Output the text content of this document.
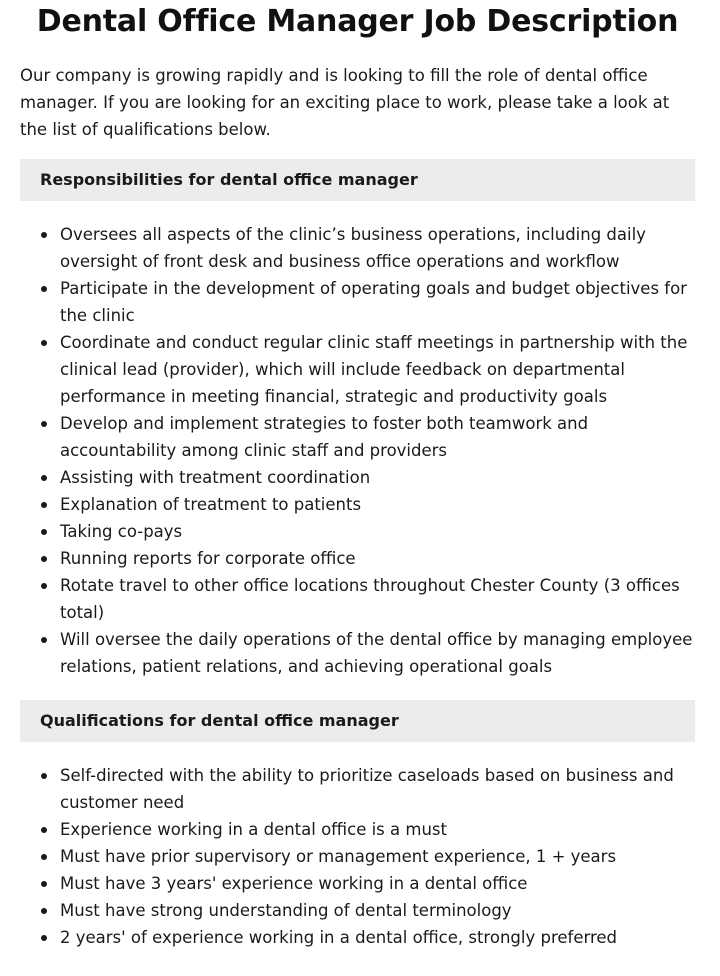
Dental Office Manager Job Description

Our company is growing rapidly and is looking to fill the role of dental office manager. If you are looking for an exciting place to work, please take a look at the list of qualifications below.

Responsibilities for dental office manager
Oversees all aspects of the clinic’s business operations, including daily oversight of front desk and business office operations and workflow
Participate in the development of operating goals and budget objectives for the clinic
Coordinate and conduct regular clinic staff meetings in partnership with the clinical lead (provider), which will include feedback on departmental performance in meeting financial, strategic and productivity goals
Develop and implement strategies to foster both teamwork and accountability among clinic staff and providers
Assisting with treatment coordination
Explanation of treatment to patients
Taking co-pays
Running reports for corporate office
Rotate travel to other office locations throughout Chester County (3 offices total)
Will oversee the daily operations of the dental office by managing employee relations, patient relations, and achieving operational goals
Qualifications for dental office manager
Self-directed with the ability to prioritize caseloads based on business and customer need
Experience working in a dental office is a must
Must have prior supervisory or management experience, 1 + years
Must have 3 years' experience working in a dental office
Must have strong understanding of dental terminology
2 years' of experience working in a dental office, strongly preferred
